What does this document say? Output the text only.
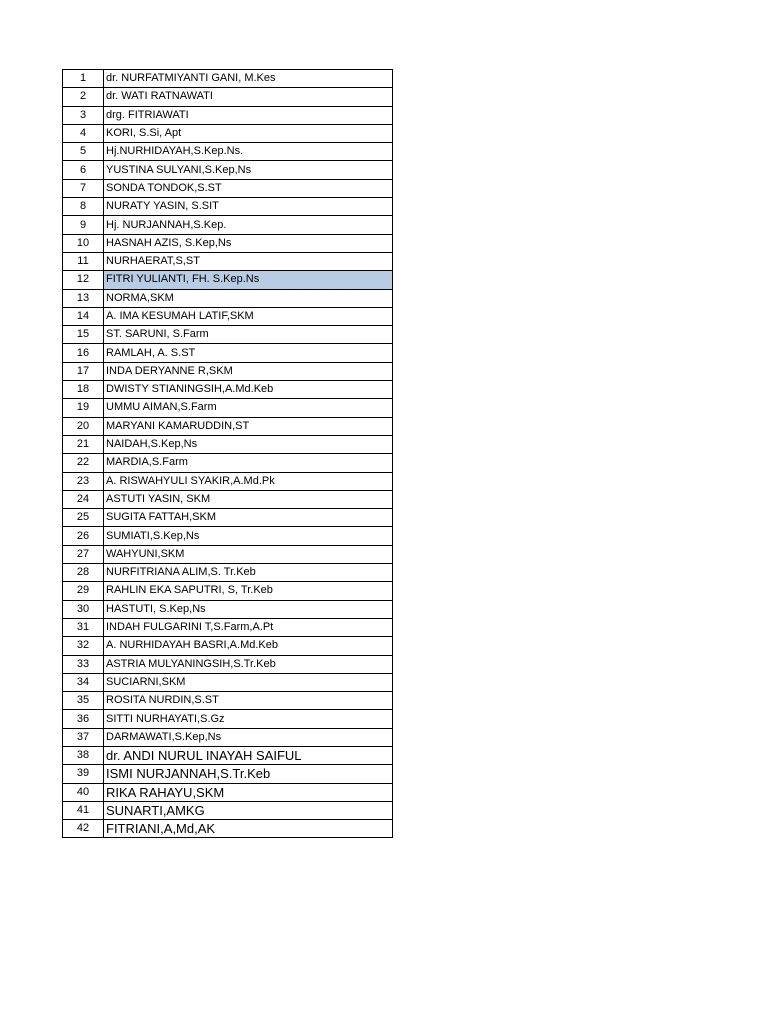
1	dr. NURFATMIYANTI GANI, M.Kes
2	dr. WATI RATNAWATI
3	drg. FITRIAWATI
4	KORI, S.Si, Apt
5	Hj.NURHIDAYAH,S.Kep.Ns.
6	YUSTINA SULYANI,S.Kep,Ns
7	SONDA TONDOK,S.ST
8	NURATY YASIN, S.SIT
9	Hj. NURJANNAH,S.Kep.
10	HASNAH AZIS, S.Kep,Ns
11	NURHAERAT,S,ST
12	FITRI YULIANTI, FH. S.Kep.Ns
13	NORMA,SKM
14	A. IMA KESUMAH LATIF,SKM
15	ST. SARUNI, S.Farm
16	RAMLAH, A. S.ST
17	INDA DERYANNE R,SKM
18	DWISTY STIANINGSIH,A.Md.Keb
19	UMMU AIMAN,S.Farm
20	MARYANI KAMARUDDIN,ST
21	NAIDAH,S.Kep,Ns
22	MARDIA,S.Farm
23	A. RISWAHYULI SYAKIR,A.Md.Pk
24	ASTUTI YASIN, SKM
25	SUGITA FATTAH,SKM
26	SUMIATI,S.Kep,Ns
27	WAHYUNI,SKM
28	NURFITRIANA ALIM,S. Tr.Keb
29	RAHLIN EKA SAPUTRI, S, Tr.Keb
30	HASTUTI, S.Kep,Ns
31	INDAH FULGARINI T,S.Farm,A.Pt
32	A. NURHIDAYAH BASRI,A.Md.Keb
33	ASTRIA MULYANINGSIH,S.Tr.Keb
34	SUCIARNI,SKM
35	ROSITA NURDIN,S.ST
36	SITTI NURHAYATI,S.Gz
37	DARMAWATI,S.Kep,Ns
38	dr. ANDI NURUL INAYAH SAIFUL
39	ISMI NURJANNAH,S.Tr.Keb
40	RIKA RAHAYU,SKM
41	SUNARTI,AMKG
42	FITRIANI,A,Md,AK
